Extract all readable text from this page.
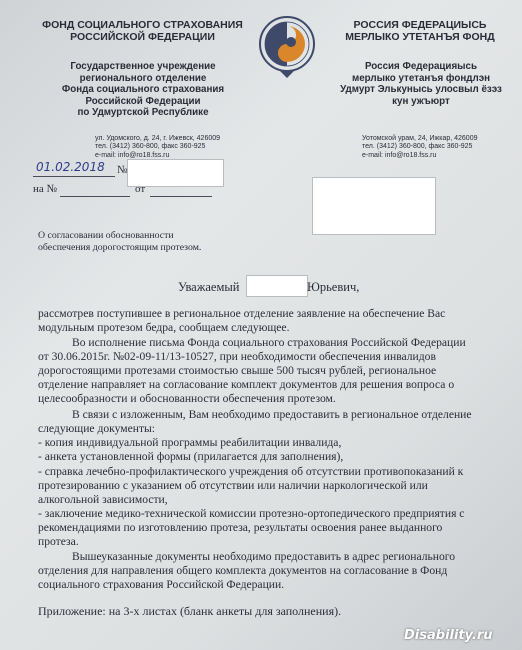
ФОНД СОЦИАЛЬНОГО СТРАХОВАНИЯ
РОССИЙСКОЙ ФЕДЕРАЦИИ
Государственное учреждение
регионального отделение
Фонда социального страхования
Российской Федерации
по Удмуртской Республике
РОССИЯ ФЕДЕРАЦИЫСЬ
МЕРЛЫКО УТЕТАНЪЯ ФОНД
Россия Федерацияысь
мерлыко утетанъя фондлэн
Удмурт Элькунысь улосвыл ёзэз
кун ужъюрт
ул. Удомского, д. 24, г. Ижевск, 426009
тел. (3412) 360-800, факс 360-925
e-mail: info@ro18.fss.ru
Уотомской урам, 24, Ижкар, 426009
тел. (3412) 360-800, факс 360-925
e-mail: info@ro18.fss.ru
01.02.2018 №
на №	от
О согласовании обоснованности
обеспечения дорогостоящим протезом.
Уважаемый	Юрьевич,
рассмотрев поступившее в региональное отделение заявление на обеспечение Вас
модульным протезом бедра, сообщаем следующее.
Во исполнение письма Фонда социального страхования Российской Федерации
от 30.06.2015г. №02-09-11/13-10527, при необходимости обеспечения инвалидов
дорогостоящими протезами стоимостью свыше 500 тысяч рублей, региональное
отделение направляет на согласование комплект документов для решения вопроса о
целесообразности и обоснованности обеспечения протезом.
В связи с изложенным, Вам необходимо предоставить в региональное отделение
следующие документы:
- копия индивидуальной программы реабилитации инвалида,
- анкета установленной формы (прилагается для заполнения),
- справка лечебно-профилактического учреждения об отсутствии противопоказаний к
протезированию с указанием об отсутствии или наличии наркологической или
алкогольной зависимости,
- заключение медико-технической комиссии протезно-ортопедического предприятия с
рекомендациями по изготовлению протеза, результаты освоения ранее выданного
протеза.
Вышеуказанные документы необходимо предоставить в адрес регионального
отделения для направления общего комплекта документов на согласование в Фонд
социального страхования Российской Федерации.
Приложение: на 3-х листах (бланк анкеты для заполнения).
Disability.ru
